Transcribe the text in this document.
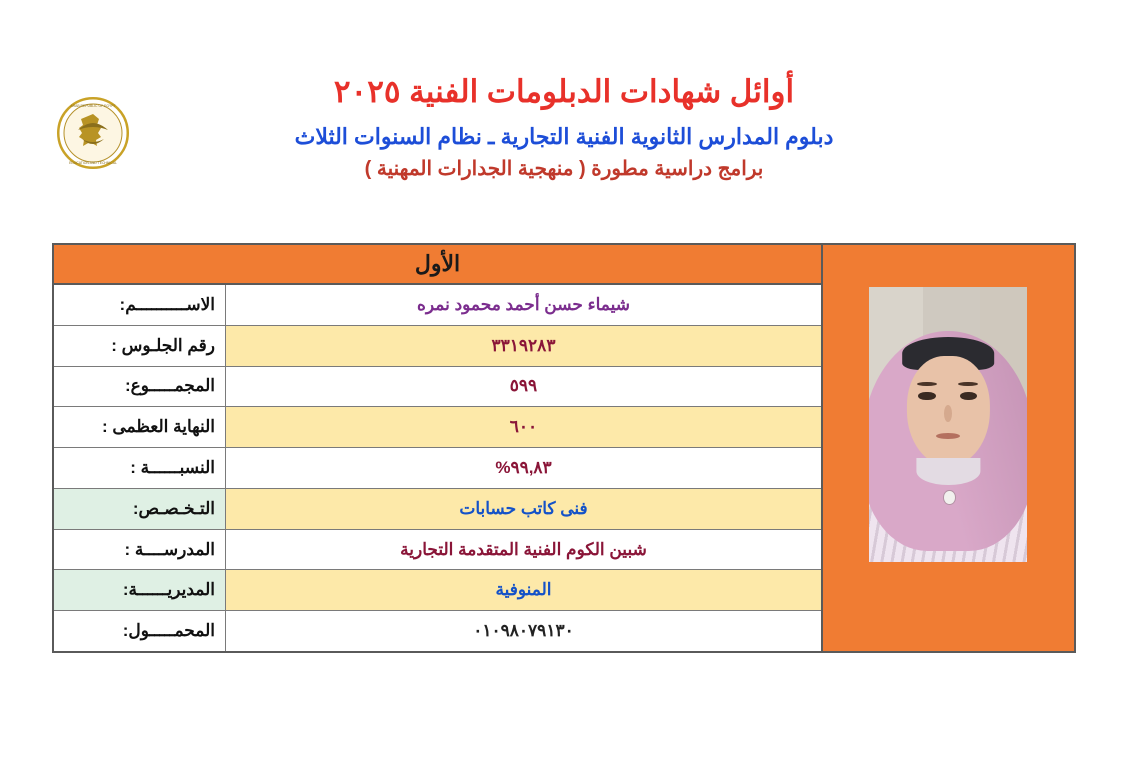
ARAB REPUBLIC OF EGYPT
EDUCATION AND TECHNICAL
أوائل شهادات الدبلومات الفنية ٢٠٢٥
دبلوم المدارس الثانوية الفنية التجارية ـ نظام السنوات الثلاث
برامج دراسية مطورة ( منهجية الجدارات المهنية )
الأول
الاســــــــــم:	شيماء حسن أحمد محمود نمره
رقم الجلـوس :	٣٣١٩٢٨٣
المجمـــــوع:	٥٩٩
النهاية العظمى :	٦٠٠
النسبــــــة :	٩٩,٨٣%
التـخـصـص:	فنى كاتب حسابات
المدرســــة :	شبين الكوم الفنية المتقدمة التجارية
المديريــــــة:	المنوفية
المحمـــــول:	٠١٠٩٨٠٧٩١٣٠
